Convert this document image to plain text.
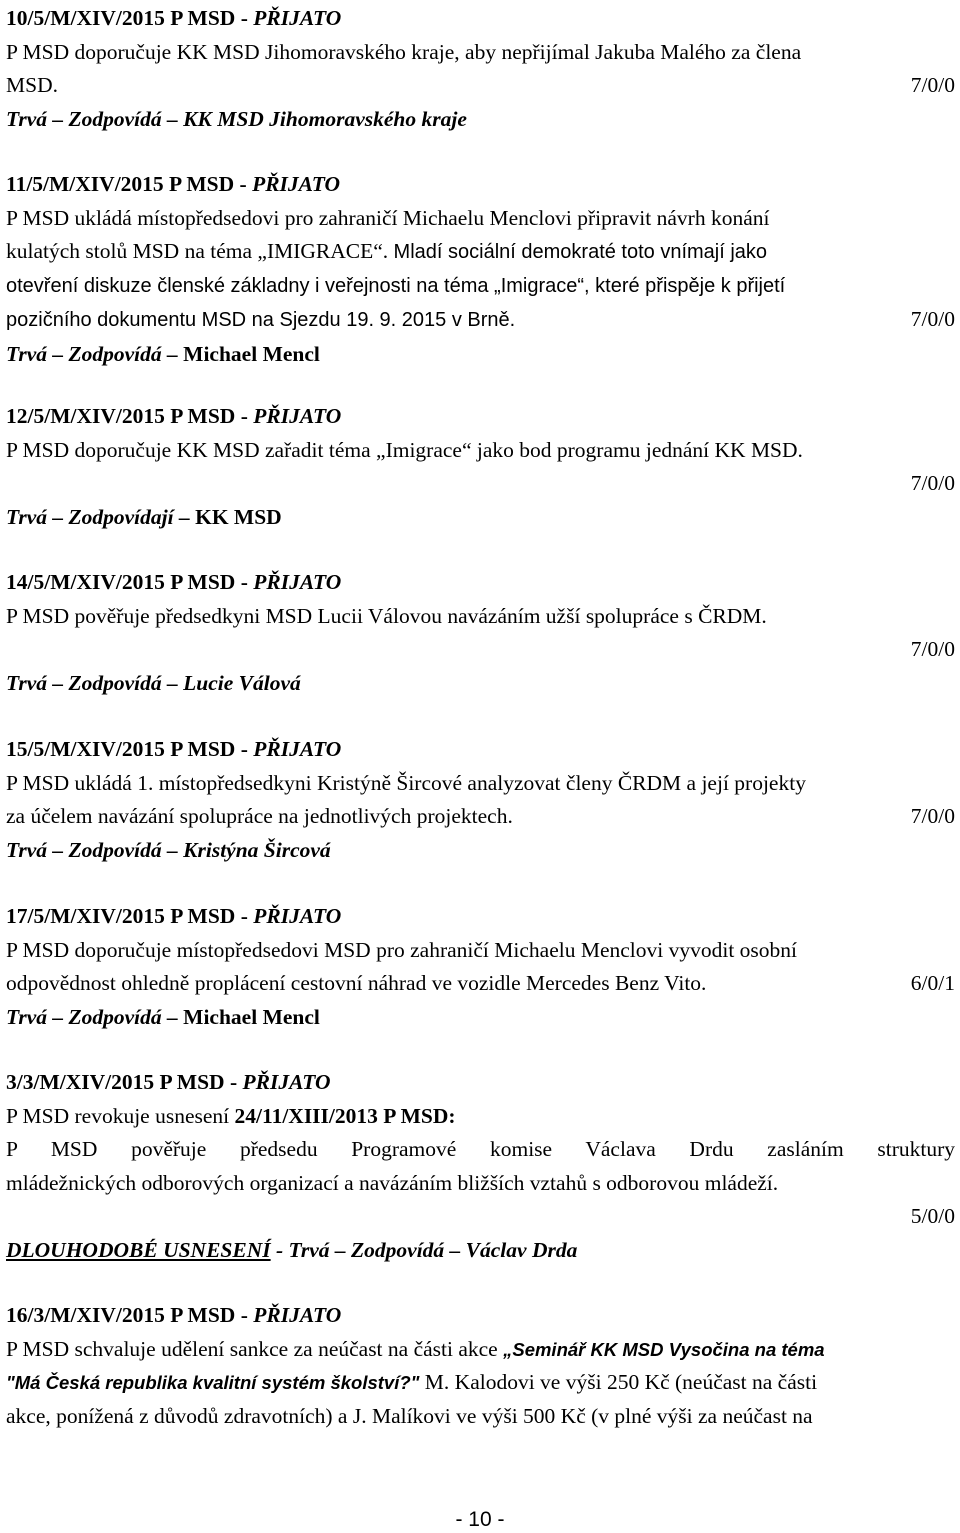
10/5/M/XIV/2015 P MSD - PŘIJATO
P MSD doporučuje KK MSD Jihomoravského kraje, aby nepřijímal Jakuba Malého za člena
MSD.	7/0/0
Trvá – Zodpovídá – KK MSD Jihomoravského kraje
11/5/M/XIV/2015 P MSD - PŘIJATO
P MSD ukládá místopředsedovi pro zahraničí Michaelu Menclovi připravit návrh konání
kulatých stolů MSD na téma „IMIGRACE“. Mladí sociální demokraté toto vnímají jako
otevření diskuze členské základny i veřejnosti na téma „Imigrace“, které přispěje k přijetí
pozičního dokumentu MSD na Sjezdu 19. 9. 2015 v Brně.	7/0/0
Trvá – Zodpovídá – Michael Mencl
12/5/M/XIV/2015 P MSD - PŘIJATO
P MSD doporučuje KK MSD zařadit téma „Imigrace“ jako bod programu jednání KK MSD.
7/0/0
Trvá – Zodpovídají – KK MSD
14/5/M/XIV/2015 P MSD - PŘIJATO
P MSD pověřuje předsedkyni MSD Lucii Válovou navázáním užší spolupráce s ČRDM.
7/0/0
Trvá – Zodpovídá – Lucie Válová
15/5/M/XIV/2015 P MSD - PŘIJATO
P MSD ukládá 1. místopředsedkyni Kristýně Šircové analyzovat členy ČRDM a její projekty
za účelem navázání spolupráce na jednotlivých projektech.	7/0/0
Trvá – Zodpovídá – Kristýna Šircová
17/5/M/XIV/2015 P MSD - PŘIJATO
P MSD doporučuje místopředsedovi MSD pro zahraničí Michaelu Menclovi vyvodit osobní
odpovědnost ohledně proplácení cestovní náhrad ve vozidle Mercedes Benz Vito.	6/0/1
Trvá – Zodpovídá – Michael Mencl
3/3/M/XIV/2015 P MSD - PŘIJATO
P MSD revokuje usnesení 24/11/XIII/2013 P MSD:
P MSD pověřuje předsedu Programové komise Václava Drdu zasláním struktury
mládežnických odborových organizací a navázáním bližších vztahů s odborovou mládeží.
5/0/0
DLOUHODOBÉ USNESENÍ - Trvá – Zodpovídá – Václav Drda
16/3/M/XIV/2015 P MSD - PŘIJATO
P MSD schvaluje udělení sankce za neúčast na části akce „Seminář KK MSD Vysočina na téma
"Má Česká republika kvalitní systém školství?" M. Kalodovi ve výši 250 Kč (neúčast na části
akce, ponížená z důvodů zdravotních) a J. Malíkovi ve výši 500 Kč (v plné výši za neúčast na
- 10 -
